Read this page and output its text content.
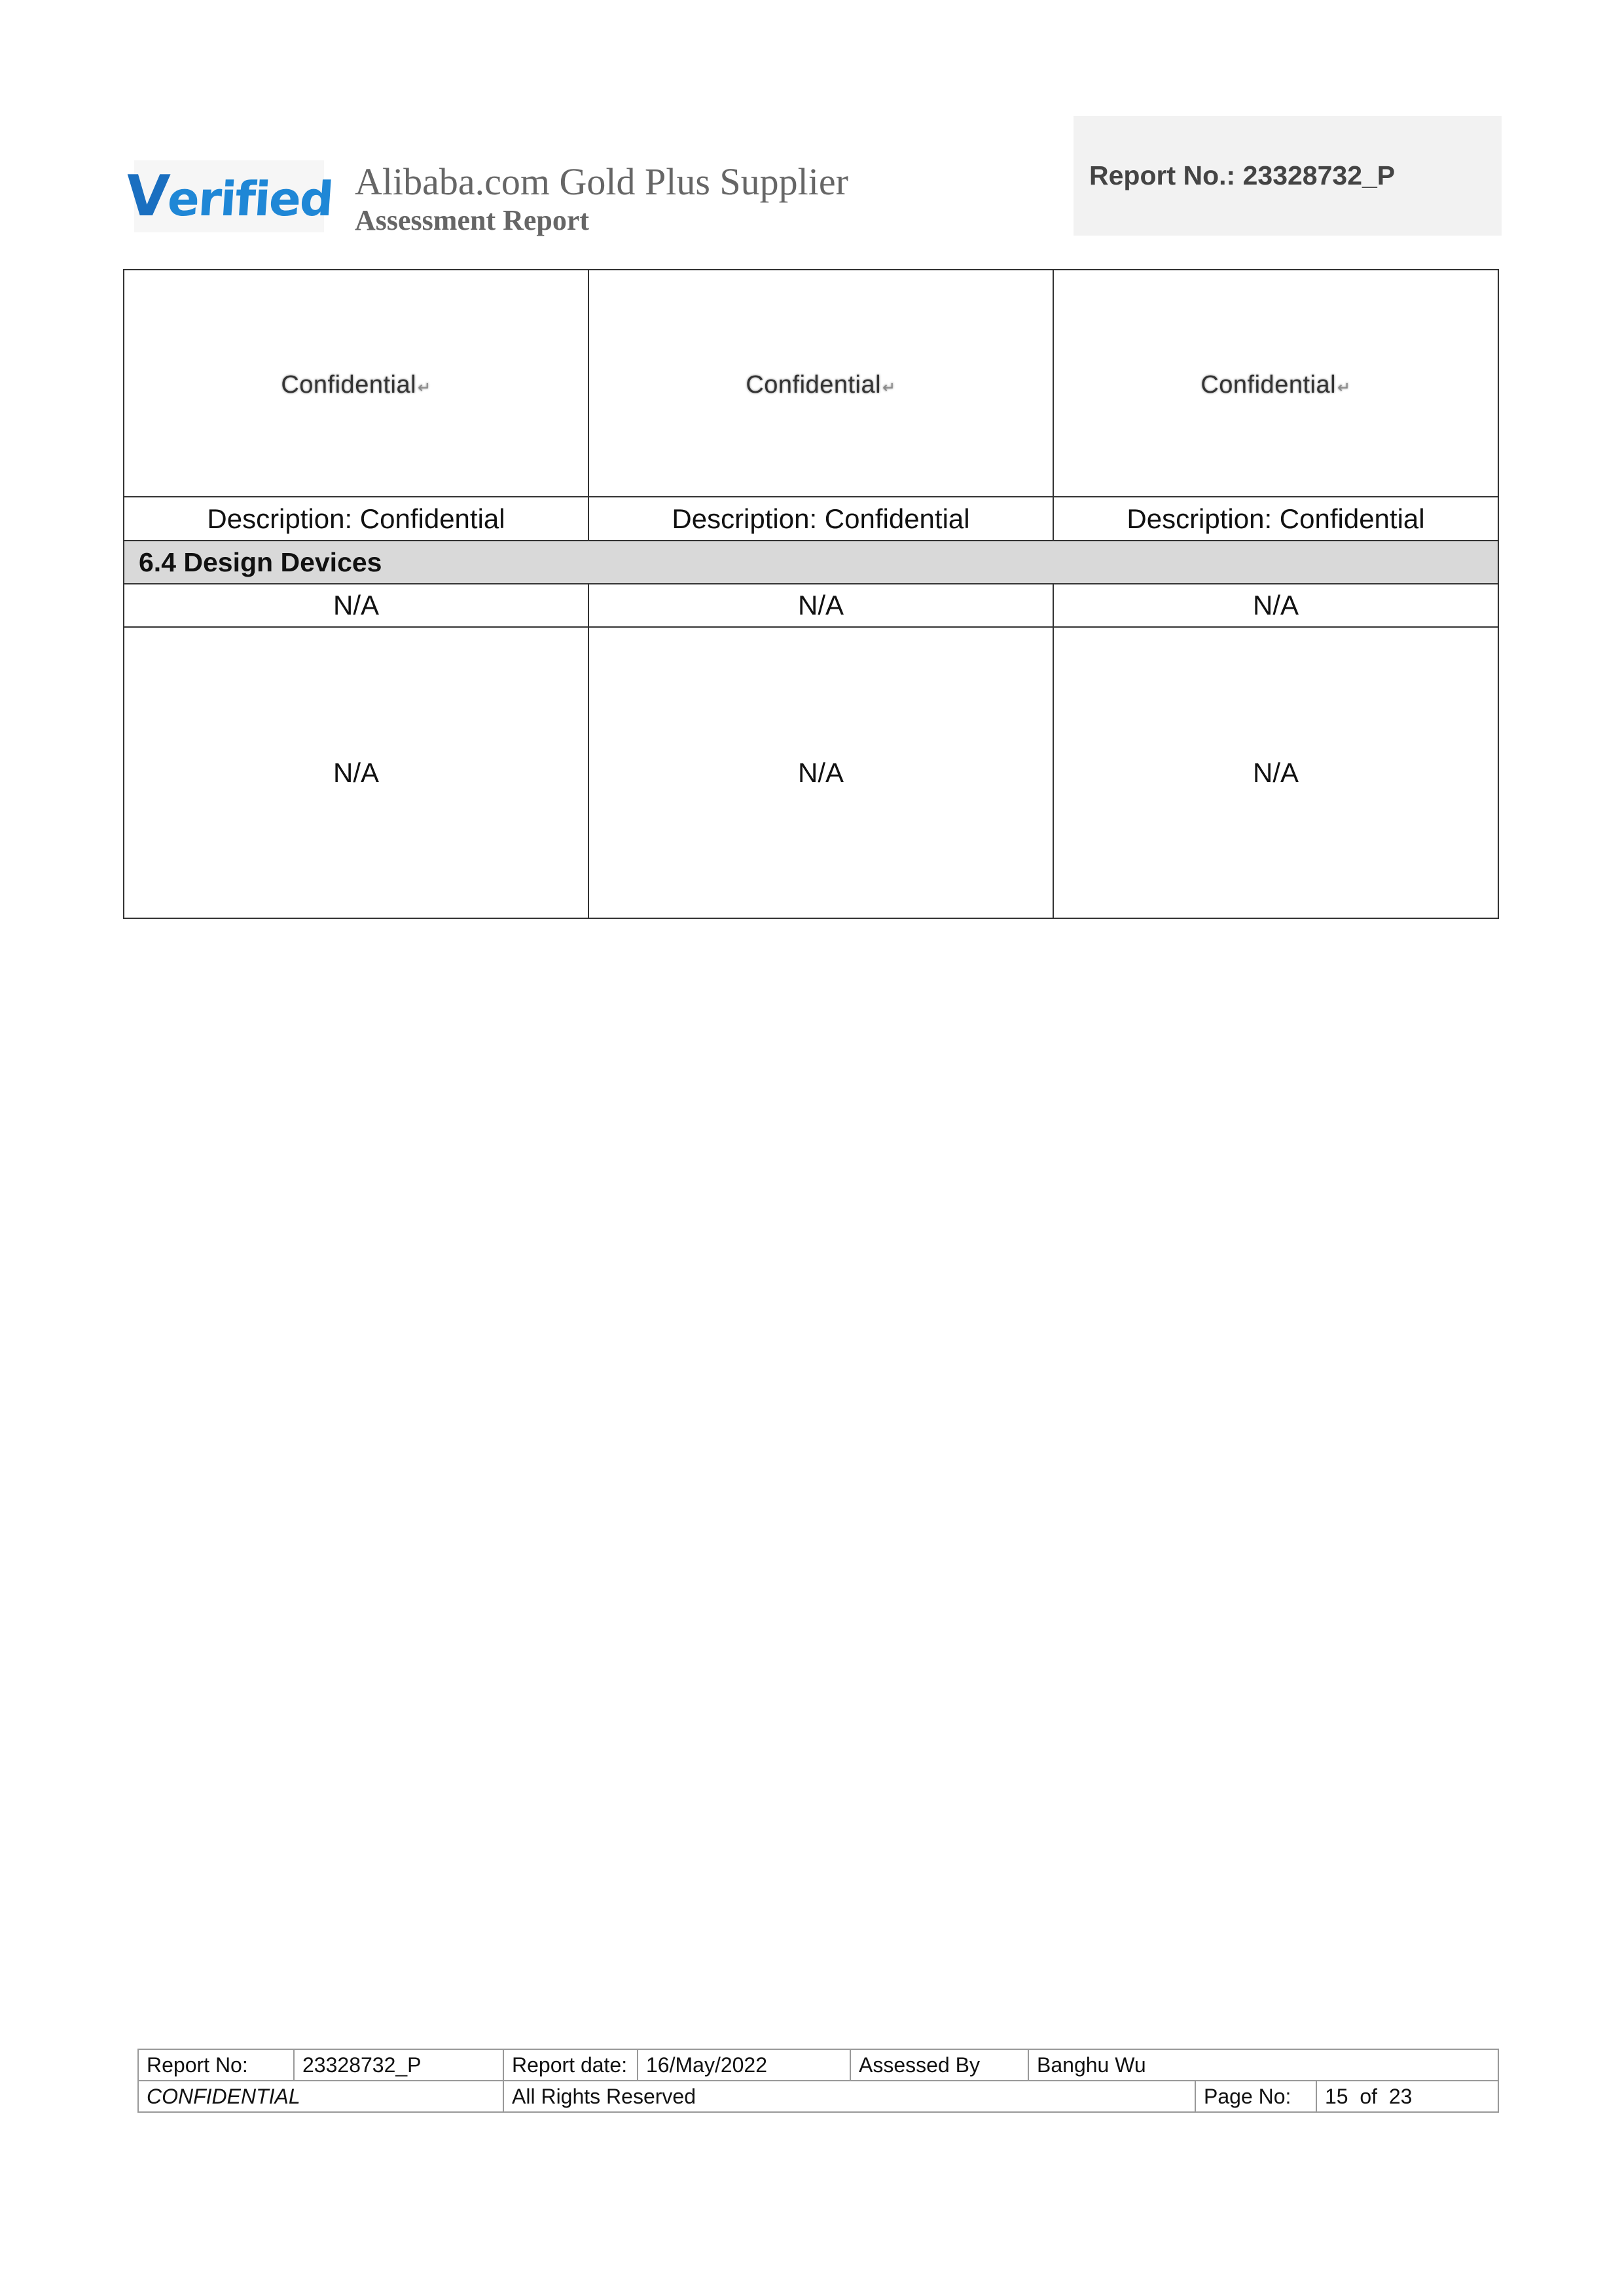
Verified Alibaba.com Gold Plus Supplier
Assessment Report
Report No.: 23328732_P
Confidential↵	Confidential↵	Confidential↵
Description: Confidential	Description: Confidential	Description: Confidential
6.4 Design Devices		
N/A	N/A	N/A
N/A	N/A	N/A
Report No:	23328732_P	Report date:	16/May/2022	Assessed By	Banghu Wu		
CONFIDENTIAL		All Rights Reserved				Page No:	15  of  23
